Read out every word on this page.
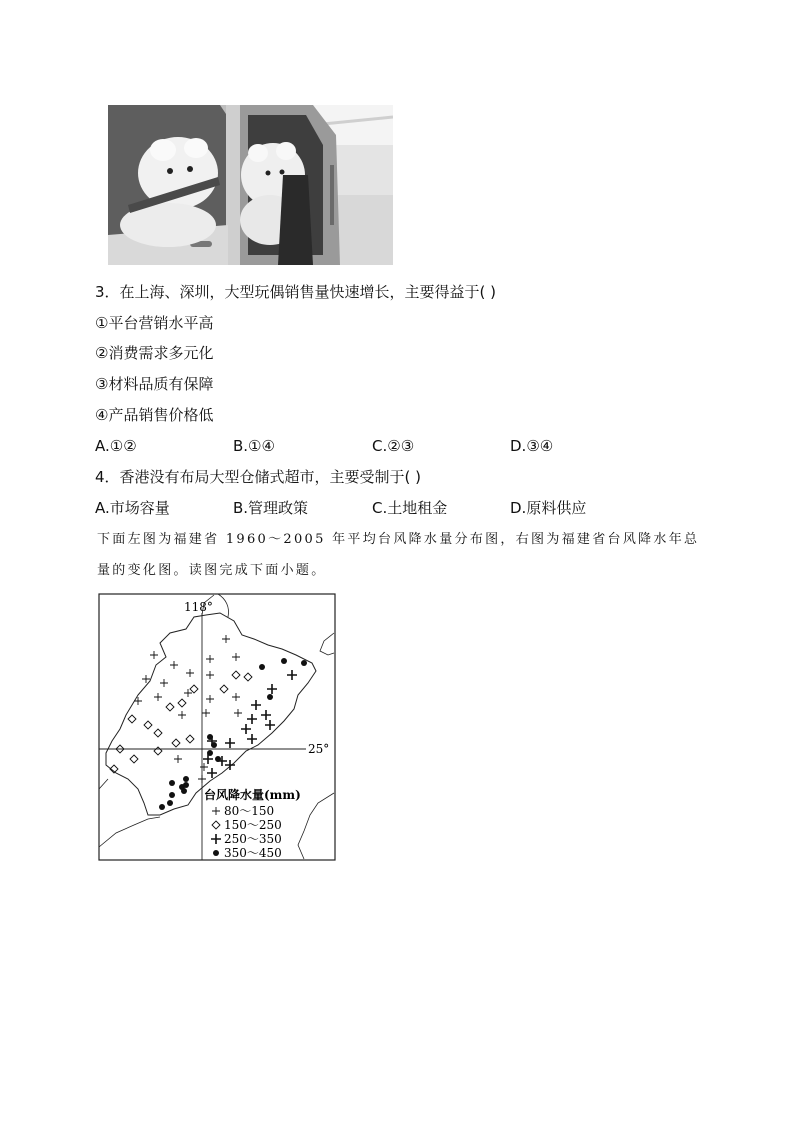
3．在上海、深圳，大型玩偶销售量快速增长，主要得益于( )
①平台营销水平高
②消费需求多元化
③材料品质有保障
④产品销售价格低
A.①②	B.①④	C.②③	D.③④
4．香港没有布局大型仓储式超市，主要受制于( )
A.市场容量	B.管理政策	C.土地租金	D.原料供应
下面左图为福建省 1960～2005 年平均台风降水量分布图，右图为福建省台风降水年总
量的变化图。读图完成下面小题。
118°
25°
台风降水量(mm)
80～150
150～250
250～350
350～450
